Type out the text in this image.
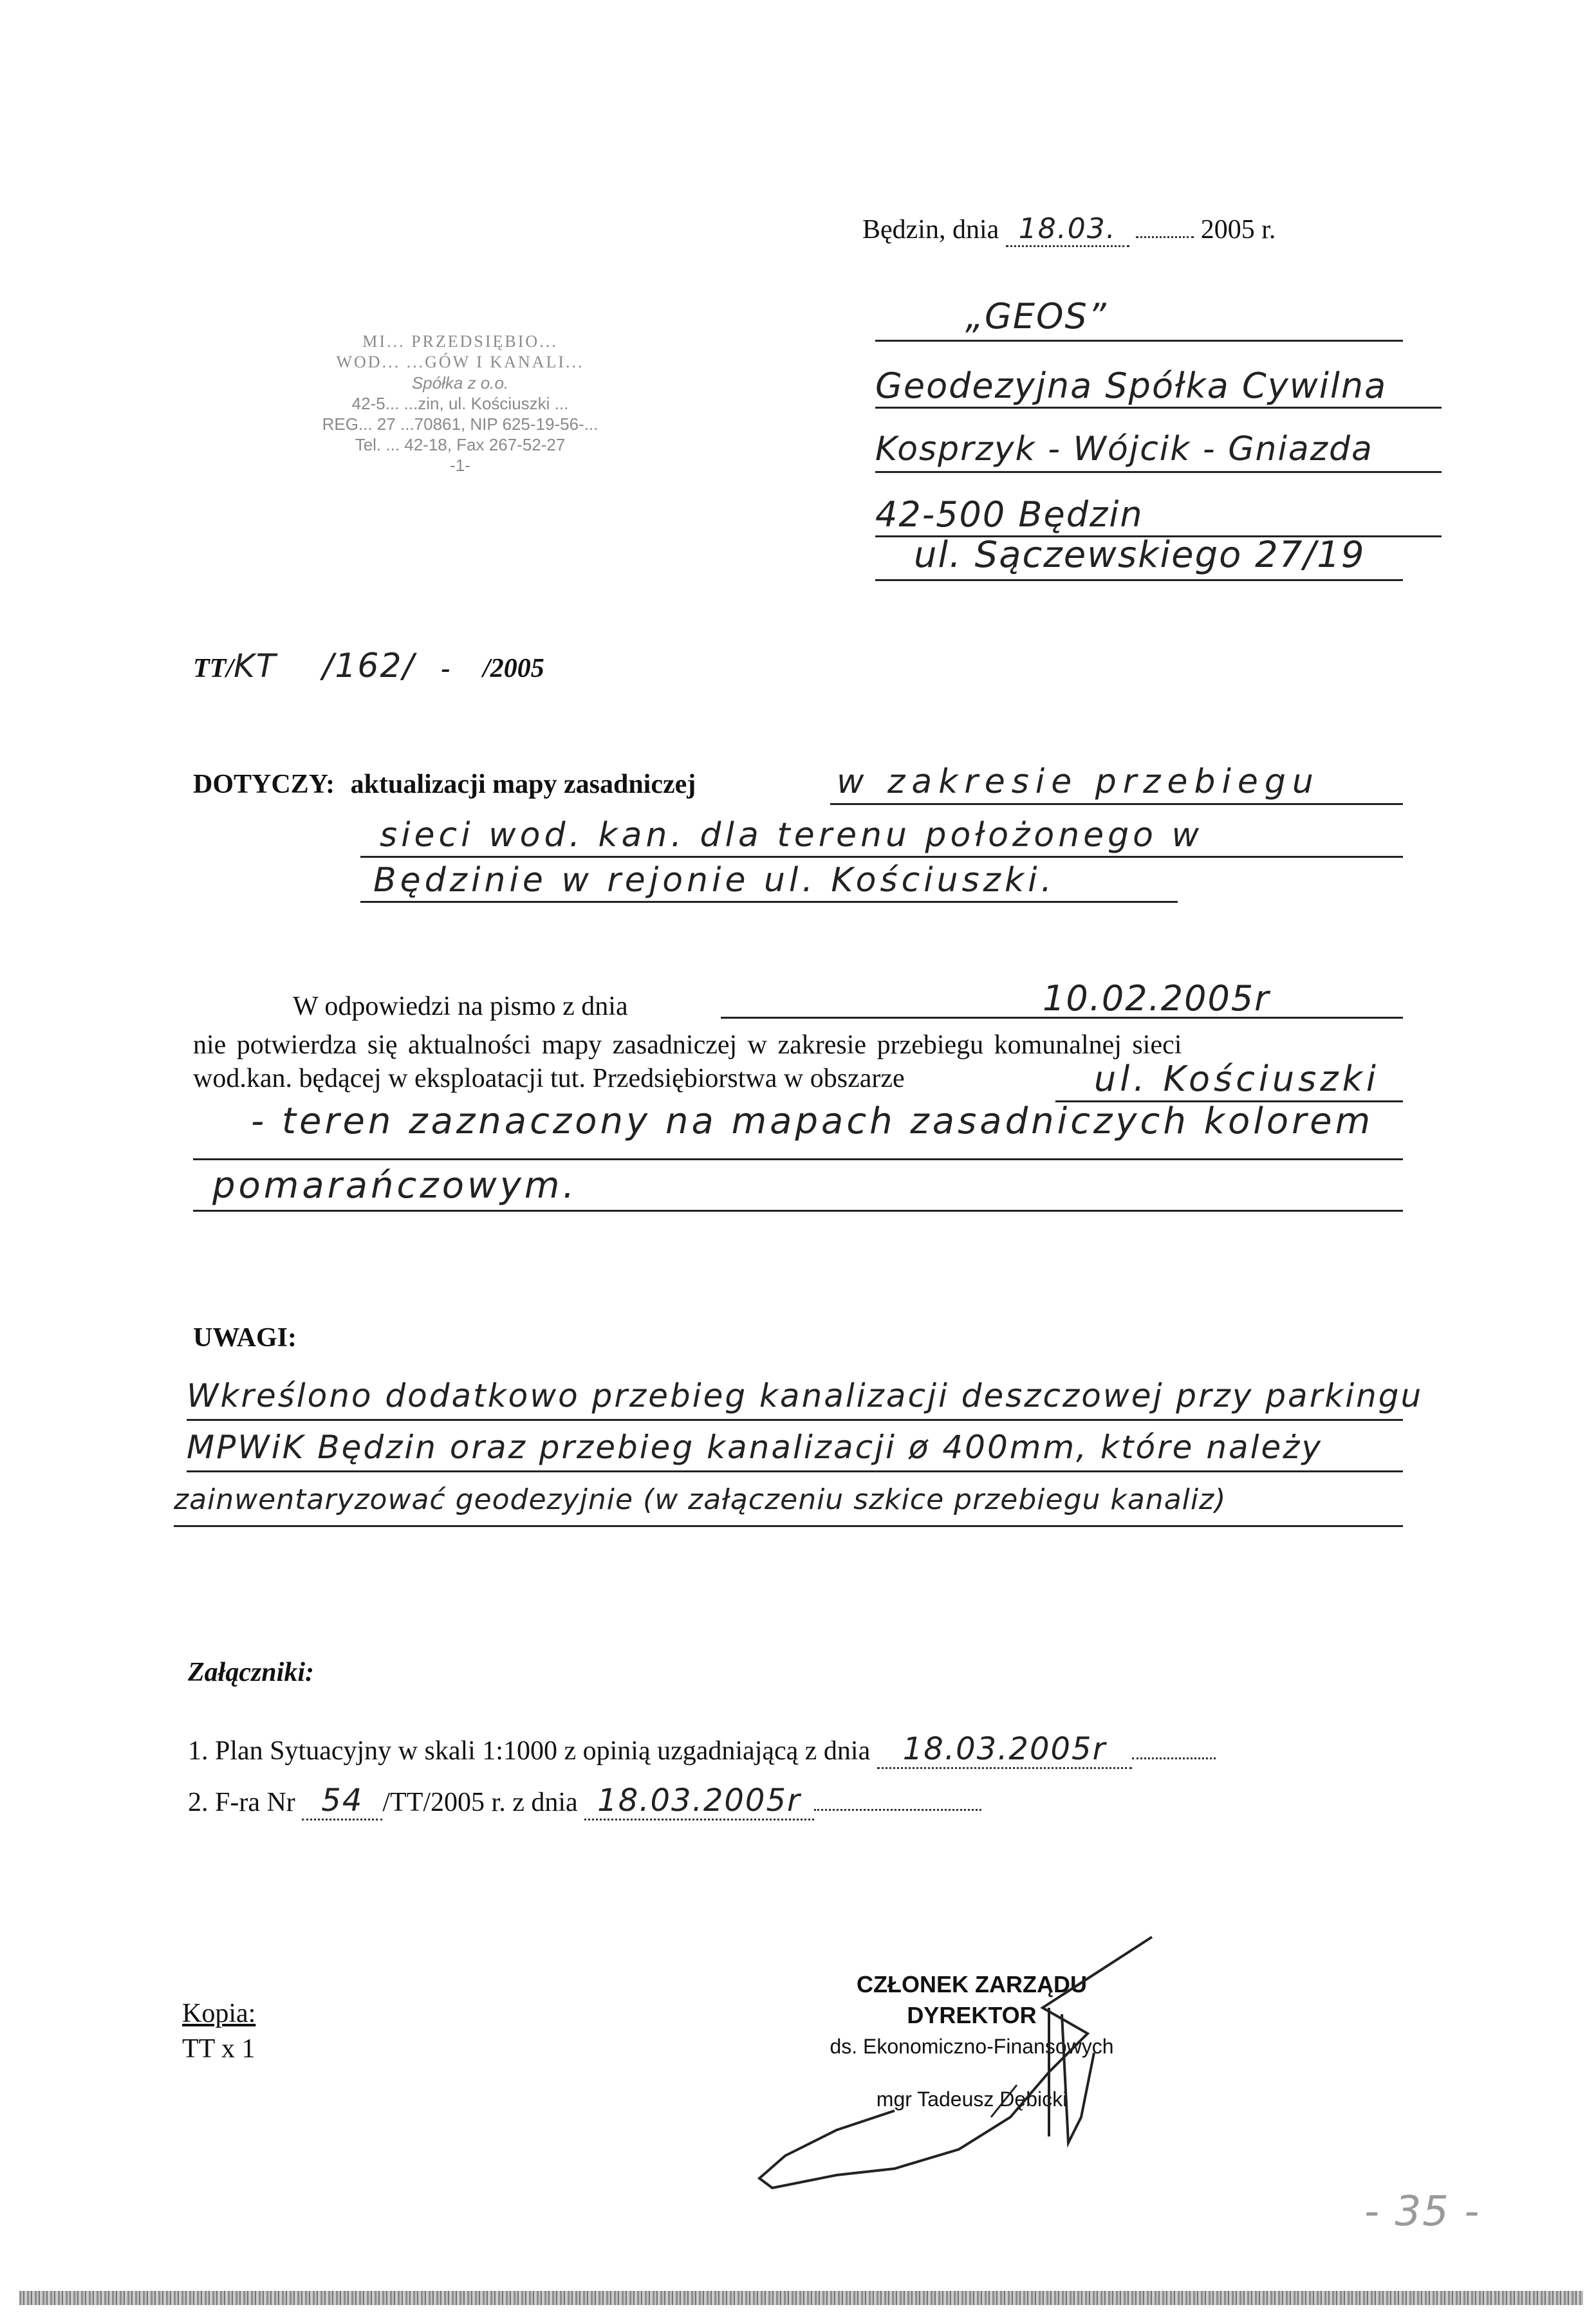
Będzin, dnia 18.03.	2005 r.
MI... PRZEDSIĘBIO...
WOD... ...GÓW I KANALI...
Spółka z o.o.
42-5... ...zin, ul. Kościuszki ...
REG... 27 ...70861, NIP 625-19-56-...
Tel. ... 42-18, Fax 267-52-27
-1-
„GEOS”
Geodezyjna Spółka Cywilna
Kosprzyk - Wójcik - Gniazda
42-500 Będzin
ul. Sączewskiego 27/19
TT/KT /162/ - /2005
DOTYCZY: aktualizacji mapy zasadniczej	w zakresie przebiegu
sieci wod. kan. dla terenu położonego w
Będzinie w rejonie ul. Kościuszki.
W odpowiedzi na pismo z dnia	10.02.2005r
nie potwierdza się aktualności mapy zasadniczej w zakresie przebiegu komunalnej sieci
wod.kan. będącej w eksploatacji tut. Przedsiębiorstwa w obszarze	ul. Kościuszki
- teren zaznaczony na mapach zasadniczych kolorem
pomarańczowym.
UWAGI:
Wkreślono dodatkowo przebieg kanalizacji deszczowej przy parkingu
MPWiK Będzin oraz przebieg kanalizacji ø 400mm, które należy
zainwentaryzować geodezyjnie (w załączeniu szkice przebiegu kanaliz)
Załączniki:
1. Plan Sytuacyjny w skali 1:1000 z opinią uzgadniającą z dnia 18.03.2005r
2. F-ra Nr 54 /TT/2005 r. z dnia 18.03.2005r
Kopia:
TT x 1
CZŁONEK ZARZĄDU
DYREKTOR
ds. Ekonomiczno-Finansowych
mgr Tadeusz Dębicki
- 35 -
